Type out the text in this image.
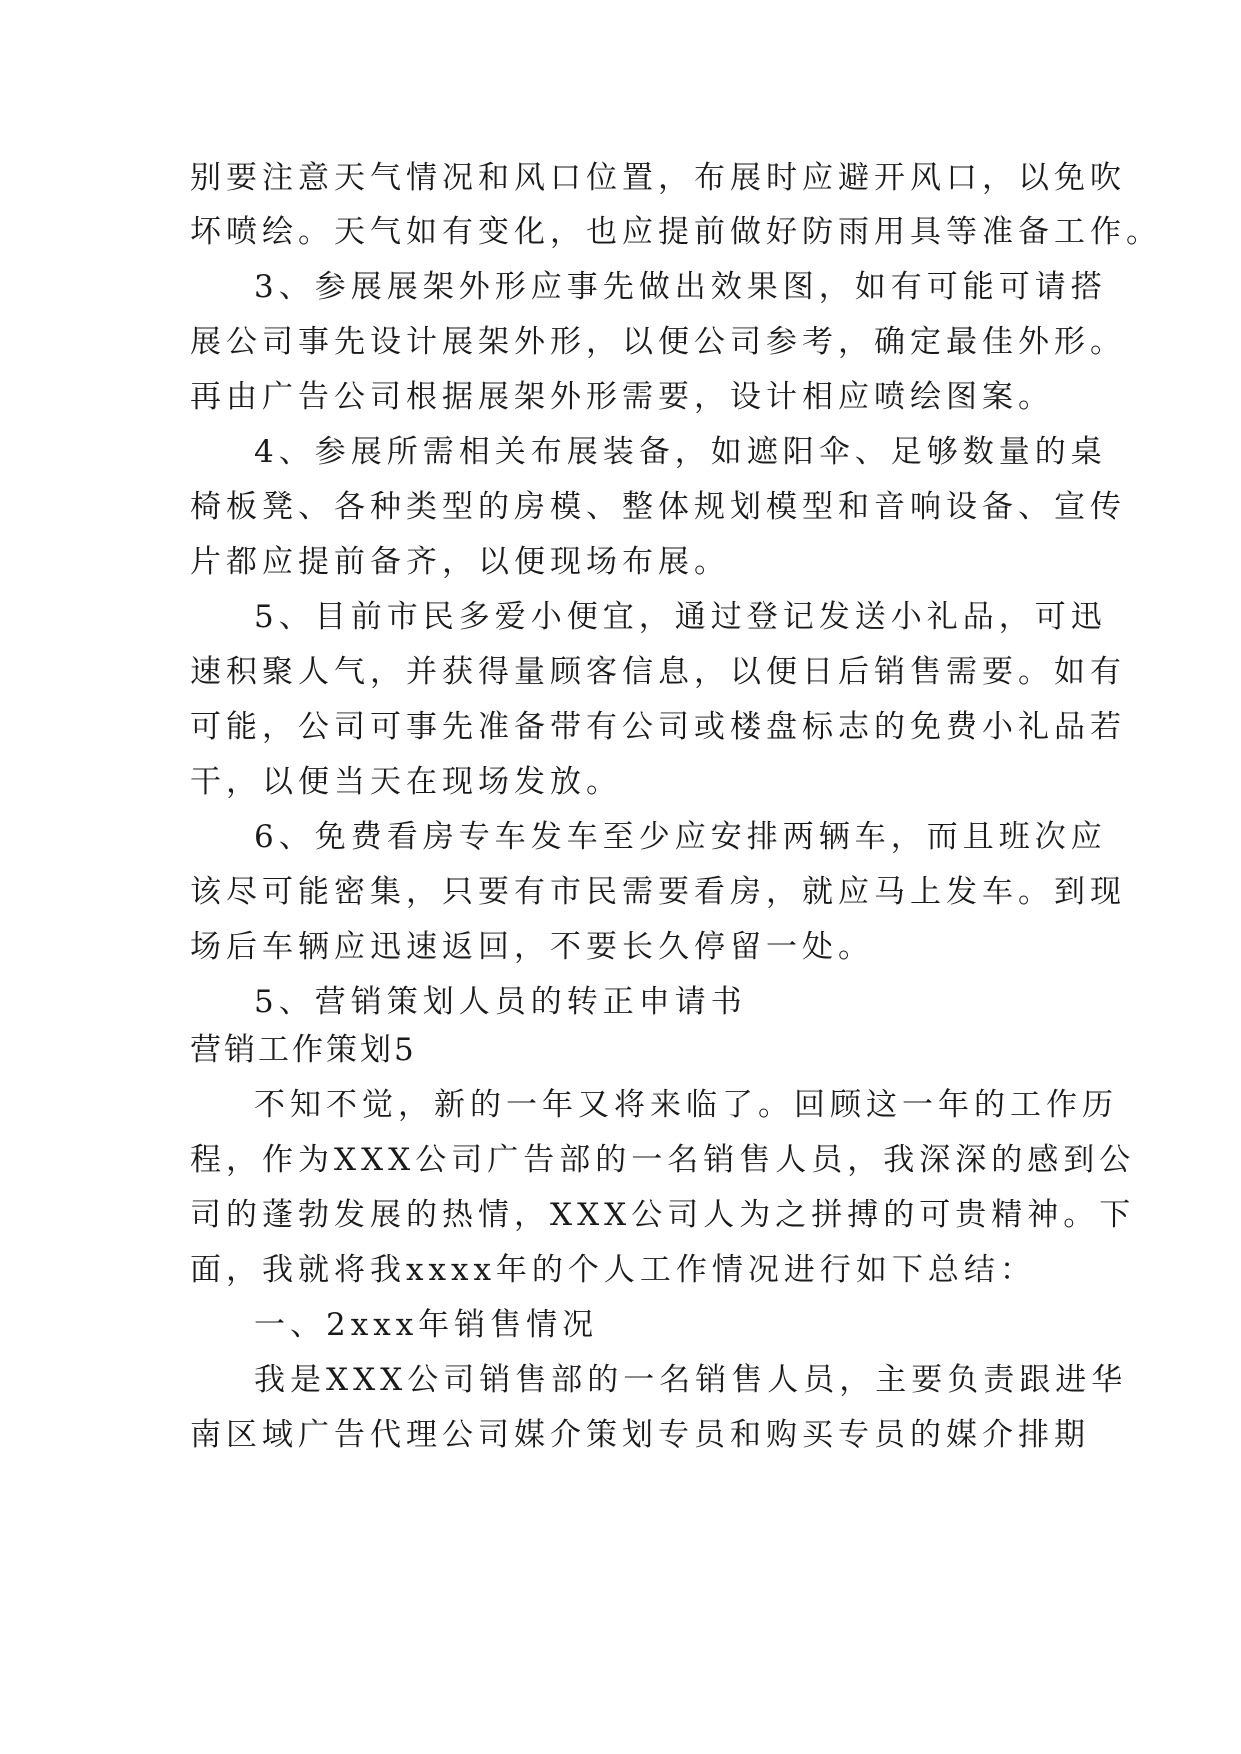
别要注意天气情况和风口位置，布展时应避开风口，以免吹
坏喷绘。天气如有变化，也应提前做好防雨用具等准备工作。
3、参展展架外形应事先做出效果图，如有可能可请搭
展公司事先设计展架外形，以便公司参考，确定最佳外形。
再由广告公司根据展架外形需要，设计相应喷绘图案。
4、参展所需相关布展装备，如遮阳伞、足够数量的桌
椅板凳、各种类型的房模、整体规划模型和音响设备、宣传
片都应提前备齐，以便现场布展。
5、目前市民多爱小便宜，通过登记发送小礼品，可迅
速积聚人气，并获得量顾客信息，以便日后销售需要。如有
可能，公司可事先准备带有公司或楼盘标志的免费小礼品若
干，以便当天在现场发放。
6、免费看房专车发车至少应安排两辆车，而且班次应
该尽可能密集，只要有市民需要看房，就应马上发车。到现
场后车辆应迅速返回，不要长久停留一处。
5、营销策划人员的转正申请书
营销工作策划5
不知不觉，新的一年又将来临了。回顾这一年的工作历
程，作为XXX公司广告部的一名销售人员，我深深的感到公
司的蓬勃发展的热情，XXX公司人为之拼搏的可贵精神。下
面，我就将我xxxx年的个人工作情况进行如下总结：
一、2xxx年销售情况
我是XXX公司销售部的一名销售人员，主要负责跟进华
南区域广告代理公司媒介策划专员和购买专员的媒介排期
